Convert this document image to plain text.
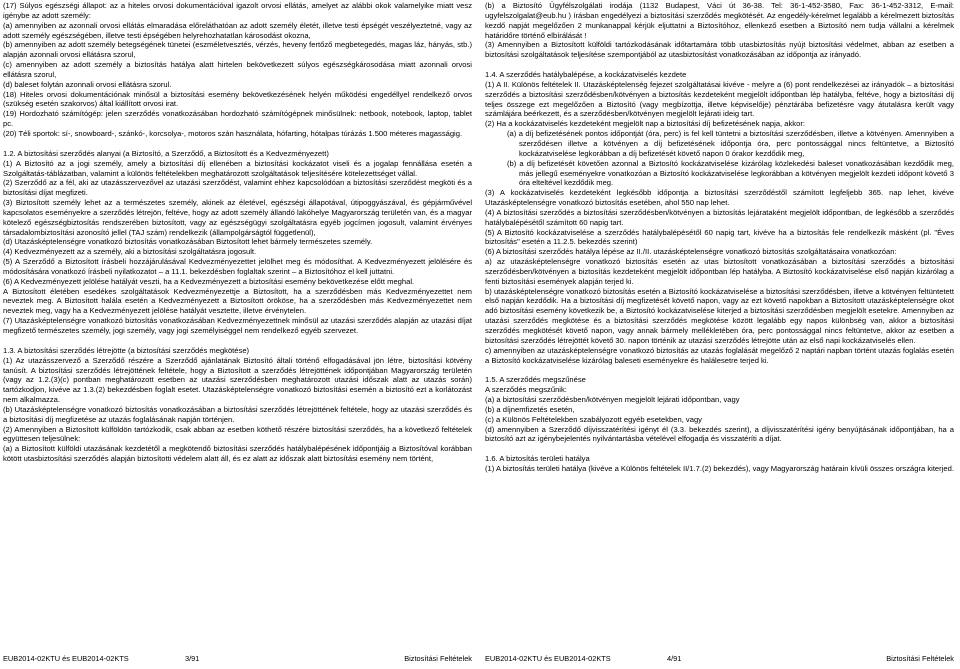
(17) Súlyos egészségi állapot: az a hiteles orvosi dokumentációval igazolt orvosi ellátás, amelyet az alábbi okok valamelyike miatt vesz igénybe az adott személy:

(a) amennyiben az azonnali orvosi ellátás elmaradása előreláthatóan az adott személy életét, illetve testi épségét veszélyeztetné, vagy az adott személy egészségében, illetve testi épségében helyrehozhatatlan károsodást okozna,

(b) amennyiben az adott személy betegségének tünetei (eszméletvesztés, vérzés, heveny fertőző megbetegedés, magas láz, hányás, stb.) alapján azonnali orvosi ellátásra szorul,

(c) amennyiben az adott személy a biztosítás hatálya alatt hirtelen bekövetkezett súlyos egészségkárosodása miatt azonnali orvosi ellátásra szorul,

(d) baleset folytán azonnali orvosi ellátásra szorul.

(18) Hiteles orvosi dokumentációnak minősül a biztosítási esemény bekövetkezésének helyén működési engedéllyel rendelkező orvos (szükség esetén szakorvos) által kiállított orvosi irat.

(19) Hordozható számítógép: jelen szerződés vonatkozásában hordozható számítógépnek minősülnek: netbook, notebook, laptop, tablet pc.

(20) Téli sportok: sí-, snowboard-, szánkó-, korcsolya-, motoros szán használata, hófarting, hótalpas túrázás 1.500 méteres magasságig.

1.2. A biztosítási szerződés alanyai (a Biztosító, a Szerződő, a Biztosított és a Kedvezményezett)

(1) A Biztosító az a jogi személy, amely a biztosítási díj ellenében a biztosítási kockázatot viseli és a jogalap fennállása esetén a Szolgáltatás-táblázatban, valamint a különös feltételekben meghatározott szolgáltatások teljesítésére kötelezettséget vállal.

(2) Szerződő az a fél, aki az utazásszervezővel az utazási szerződést, valamint ehhez kapcsolódóan a biztosítási szerződést megköti és a biztosítási díjat megfizeti.

(3) Biztosított személy lehet az a természetes személy, akinek az életével, egészségi állapotával, útipoggyászával, és gépjárművével kapcsolatos eseményekre a szerződés létrejön, feltéve, hogy az adott személy állandó lakóhelye Magyarország területén van, és a magyar kötelező egészségbiztosítás rendszerében biztosított, vagy az egészségügyi szolgáltatásra egyéb jogcímen jogosult, valamint érvényes társadalombiztosítási azonosító jellel (TAJ szám) rendelkezik (állampolgárságtól függetlenül),

(d) Utazásképtelenségre vonatkozó biztosítás vonatkozásában Biztosított lehet bármely természetes személy.

(4) Kedvezményezett az a személy, aki a biztosítási szolgáltatásra jogosult.

(5) A Szerződő a Biztosított írásbeli hozzájárulásával Kedvezményezettet jelölhet meg és módosíthat. A Kedvezményezett jelölésére és módosítására vonatkozó írásbeli nyilatkozatot – a 11.1. bekezdésben foglaltak szerint – a Biztosítóhoz el kell juttatni.

(6) A Kedvezményezett jelölése hatályát veszti, ha a Kedvezményezett a biztosítási esemény bekövetkezése előtt meghal.

A Biztosított életében esedékes szolgáltatások Kedvezményezettje a Biztosított, ha a szerződésben más Kedvezményezettet nem neveztek meg. A Biztosított halála esetén a Kedvezményezett a Biztosított örököse, ha a szerződésben más Kedvezményezettet nem neveztek meg, vagy ha a Kedvezményezett jelölése hatályát vesztette, illetve érvénytelen.

(7) Utazásképtelenségre vonatkozó biztosítás vonatkozásában Kedvezményezettnek minősül az utazási szerződés alapján az utazási díjat megfizető természetes személy, jogi személy, vagy jogi személyiséggel nem rendelkező egyéb szervezet.

1.3. A biztosítási szerződés létrejötte (a biztosítási szerződés megkötése)

(1) Az utazásszervező a Szerződő részére a Szerződő ajánlatának Biztosító általi történő elfogadásával jön létre, biztosítási kötvény tanúsít. A biztosítási szerződés létrejöttének feltétele, hogy a Biztosított a szerződés létrejöttének időpontjában Magyarország területén (vagy az 1.2.(3)(c) pontban meghatározott esetben az utazási szerződésben meghatározott utazási időszak alatt az utazás során) tartózkodjon, kivéve az 1.3.(2) bekezdésben foglalt esetet. Utazásképtelenségre vonatkozó biztosítási esemén a biztosító ezt a korlátozást nem alkalmazza.

(b) Utazásképtelenségre vonatkozó biztosítás vonatkozásában a biztosítási szerződés létrejöttének feltétele, hogy az utazási szerződés és a biztosítási díj megfizetése az utazás foglalásának napján történjen.

(2) Amennyiben a Biztosított külföldön tartózkodik, csak abban az esetben köthető részére biztosítási szerződés, ha a következő feltételek együttesen teljesülnek:

(a) a Biztosított külföldi utazásának kezdetétől a megkötendő biztosítási szerződés hatálybalépésének időpontjáig a Biztosítóval korábban kötött utasbiztosítási szerződés alapján biztosítotti védelem alatt áll, és ez alatt az időszak alatt biztosítási esemény nem történt,

EUB2014-02KTU és EUB2014-02KTS	3/91	Biztosítási Feltételek

(b) a Biztosító Ügyfélszolgálati irodája (1132 Budapest, Váci út 36-38. Tel: 36-1-452-3580, Fax: 36-1-452-3312, E-mail: ugyfelszolgalat@eub.hu ) írásban engedélyezi a biztosítási szerződés megkötését. Az engedély-kérelmet legalább a kérelmezett biztosítás kezdő napját megelőzően 2 munkanappal kérjük eljuttatni a Biztosítóhoz, ellenkező esetben a Biztosító nem tudja vállalni a kérelmek határidőre történő elbírálását !

(3) Amennyiben a Biztosított külföldi tartózkodásának időtartamára több utasbiztosítás nyújt biztosítási védelmet, abban az esetben a biztosítási szolgáltatások teljesítése szempontjából az utasbiztosítást vonatkozásában az időpontja az irányadó.

1.4. A szerződés hatálybalépése, a kockázatviselés kezdete

(1) A II. Különös feltételek II. Utazásképtelenség fejezet szolgáltatásai kivéve - melyre a (6) pont rendelkezései az irányadók – a biztosítási szerződés a biztosítási szerződésben/kötvényen a biztosítás kezdeteként megjelölt időpontban lép hatályba, feltéve, hogy a biztosítási díj teljes összege ezt megelőzően a Biztosító (vagy megbízottja, illetve képviselője) pénztárába befizetésre vagy átutalásra került vagy számlájára beérkezett, és a szerződésben/kötvényen megjelölt lejárati ideig tart.

(2) Ha a kockázatviselés kezdeteként megjelölt nap a biztosítási díj befizetésének napja, akkor:

(a) a díj befizetésének pontos időpontját (óra, perc) is fel kell tüntetni a biztosítási szerződésben, illetve a kötvényen. Amennyiben a szerződésen illetve a kötvényen a díj befizetésének időpontja óra, perc pontossággal nincs feltüntetve, a Biztosító kockázatviselése legkorábban a díj befizetését követő napon 0 órakor kezdődik meg,

(b) a díj befizetését követően azonnal a Biztosító kockázatviselése kizárólag közlekedési baleset vonatkozásában kezdődik meg, más jellegű eseményekre vonatkozóan a Biztosító kockázatviselése legkorábban a kötvényen megjelölt kezdeti időpont követő 3 óra elteltével kezdődik meg.

(3) A kockázatviselés kezdeteként legkésőbb időpontja a biztosítási szerződéstől számított legfeljebb 365. nap lehet, kivéve Utazásképtelenségre vonatkozó biztosítás esetében, ahol 550 nap lehet.

(4) A biztosítási szerződés a biztosítási szerződésben/kötvényen a biztosítás lejárataként megjelölt időpontban, de legkésőbb a szerződés hatálybalépésétől számított 60 napig tart.

(5) A Biztosító kockázatviselése a szerződés hatálybalépésétől 60 napig tart, kivéve ha a biztosítás fele rendelkezik másként (pl. "Éves biztosítás" esetén a 11.2.5. bekezdés szerint)

(6) A biztosítási szerződés hatálya lépése az II./II. utazásképtelenségre vonatkozó biztosítás szolgáltatásaira vonatkozóan:

a) az utazásképtelenségre vonatkozó biztosítás esetén az utas biztosított vonatkozásában a biztosítási szerződés a biztosítási szerződésben/kötvényen a biztosítás kezdeteként megjelölt időpontban lép hatályba. A Biztosító kockázatviselése első napján kizárólag a fenti biztosítási események alapján terjed ki.

b) utazásképtelenségre vonatkozó biztosítás esetén a Biztosító kockázatviselése a biztosítási szerződésben, illetve a kötvényen feltüntetett első napján kezdődik. Ha a biztosítási díj megfizetését követő napon, vagy az ezt követő napokban a Biztosított utazásképtelenségre okot adó biztosítási esemény következik be, a Biztosító kockázatviselése kiterjed a biztosítási szerződésben megjelölt esetekre. Amennyiben az utazási szerződés megkötése és a biztosítási szerződés megkötése között legalább egy napos különbség van, akkor a biztosítási szerződés megkötését követő napon, vagy annak bármely mellékletében óra, perc pontossággal nincs feltüntetve, akkor az esetben a biztosítási szerződés létrejöttét követő 30. napon történik az utazási szerződés létrejötte után az első napi kockázatviselés ellen.

c) amennyiben az utazásképtelenségre vonatkozó biztosítás az utazás foglalását megelőző 2 naptári napban történt utazás foglalás esetén a Biztosító kockázatviselése kizárólag baleseti eseményekre és halálesetre terjed ki.

1.5. A szerződés megszűnése

A szerződés megszűnik:

(a) a biztosítási szerződésben/kötvényen megjelölt lejárati időpontban, vagy

(b) a díjnemfizetés esetén,

(c) a Különös Feltételekben szabályozott egyéb esetekben, vagy

(d) amennyiben a Szerződő díjvisszatérítési igényt él (3.3. bekezdés szerint), a díjvisszatérítési igény benyújtásának időpontjában, ha a biztosító azt az igénybejelentés nyilvántartásba vételével elfogadja és visszatéríti a díjat.

1.6. A biztosítás területi hatálya

(1) A biztosítás területi hatálya (kivéve a Különös feltételek II/1.7.(2) bekezdés), vagy Magyarország határain kívüli összes országra kiterjed.

EUB2014-02KTU és EUB2014-02KTS	4/91	Biztosítási Feltételek
